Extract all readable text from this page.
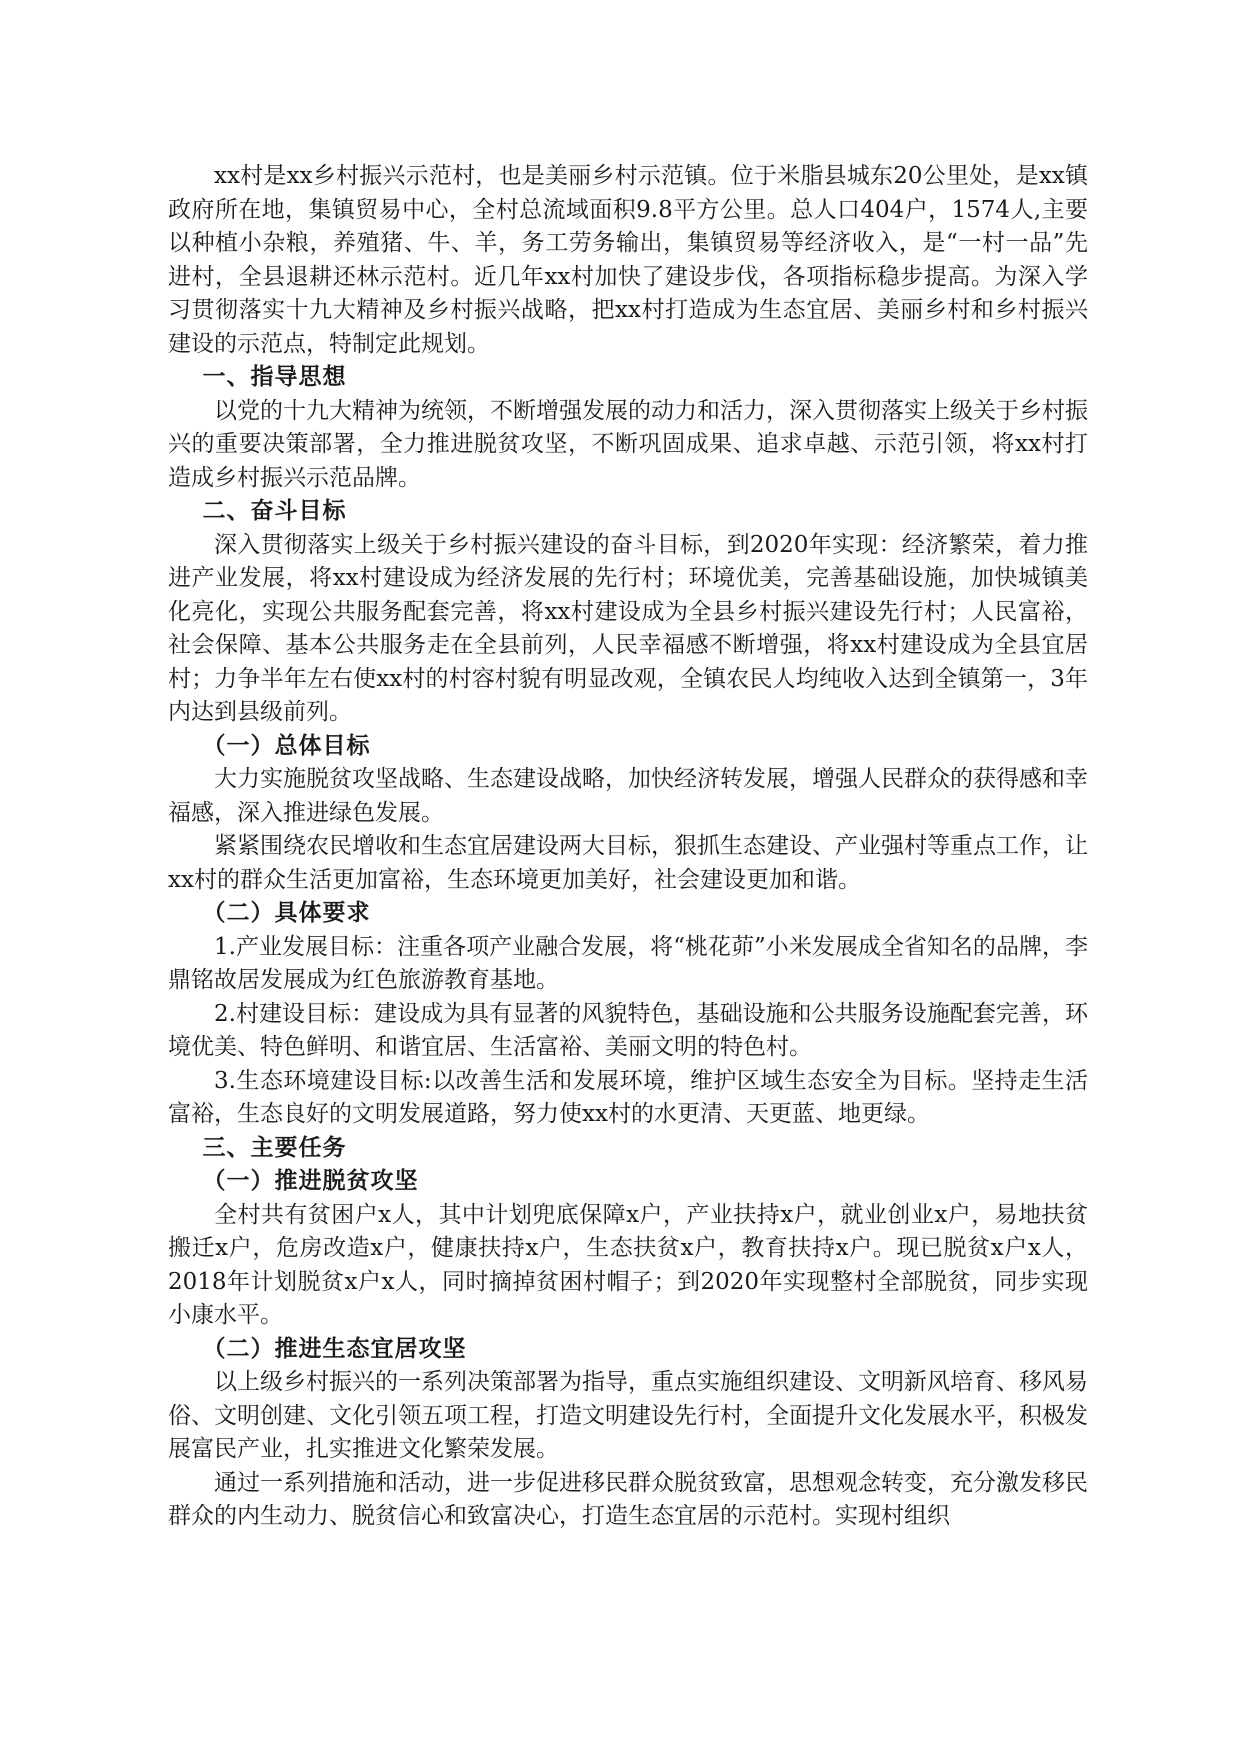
xx村是xx乡村振兴示范村，也是美丽乡村示范镇。位于米脂县城东20公里处，是xx镇政府所在地，集镇贸易中心，全村总流域面积9.8平方公里。总人口404户，1574人,主要以种植小杂粮，养殖猪、牛、羊，务工劳务输出，集镇贸易等经济收入，是“一村一品”先进村，全县退耕还林示范村。近几年xx村加快了建设步伐，各项指标稳步提高。为深入学习贯彻落实十九大精神及乡村振兴战略，把xx村打造成为生态宜居、美丽乡村和乡村振兴建设的示范点，特制定此规划。

一、指导思想

以党的十九大精神为统领，不断增强发展的动力和活力，深入贯彻落实上级关于乡村振兴的重要决策部署，全力推进脱贫攻坚，不断巩固成果、追求卓越、示范引领，将xx村打造成乡村振兴示范品牌。

二、奋斗目标

深入贯彻落实上级关于乡村振兴建设的奋斗目标，到2020年实现：经济繁荣，着力推进产业发展，将xx村建设成为经济发展的先行村；环境优美，完善基础设施，加快城镇美化亮化，实现公共服务配套完善，将xx村建设成为全县乡村振兴建设先行村；人民富裕，社会保障、基本公共服务走在全县前列，人民幸福感不断增强，将xx村建设成为全县宜居村；力争半年左右使xx村的村容村貌有明显改观，全镇农民人均纯收入达到全镇第一，3年内达到县级前列。

（一）总体目标

大力实施脱贫攻坚战略、生态建设战略，加快经济转发展，增强人民群众的获得感和幸福感，深入推进绿色发展。

紧紧围绕农民增收和生态宜居建设两大目标，狠抓生态建设、产业强村等重点工作，让xx村的群众生活更加富裕，生态环境更加美好，社会建设更加和谐。

（二）具体要求

1.产业发展目标：注重各项产业融合发展，将“桃花茆”小米发展成全省知名的品牌，李鼎铭故居发展成为红色旅游教育基地。

2.村建设目标：建设成为具有显著的风貌特色，基础设施和公共服务设施配套完善，环境优美、特色鲜明、和谐宜居、生活富裕、美丽文明的特色村。

3.生态环境建设目标:以改善生活和发展环境，维护区域生态安全为目标。坚持走生活富裕，生态良好的文明发展道路，努力使xx村的水更清、天更蓝、地更绿。

三、主要任务

（一）推进脱贫攻坚

全村共有贫困户x人，其中计划兜底保障x户，产业扶持x户，就业创业x户，易地扶贫搬迁x户，危房改造x户，健康扶持x户，生态扶贫x户，教育扶持x户。现已脱贫x户x人，2018年计划脱贫x户x人，同时摘掉贫困村帽子；到2020年实现整村全部脱贫，同步实现小康水平。

（二）推进生态宜居攻坚

以上级乡村振兴的一系列决策部署为指导，重点实施组织建设、文明新风培育、移风易俗、文明创建、文化引领五项工程，打造文明建设先行村，全面提升文化发展水平，积极发展富民产业，扎实推进文化繁荣发展。

通过一系列措施和活动，进一步促进移民群众脱贫致富，思想观念转变，充分激发移民群众的内生动力、脱贫信心和致富决心，打造生态宜居的示范村。实现村组织
